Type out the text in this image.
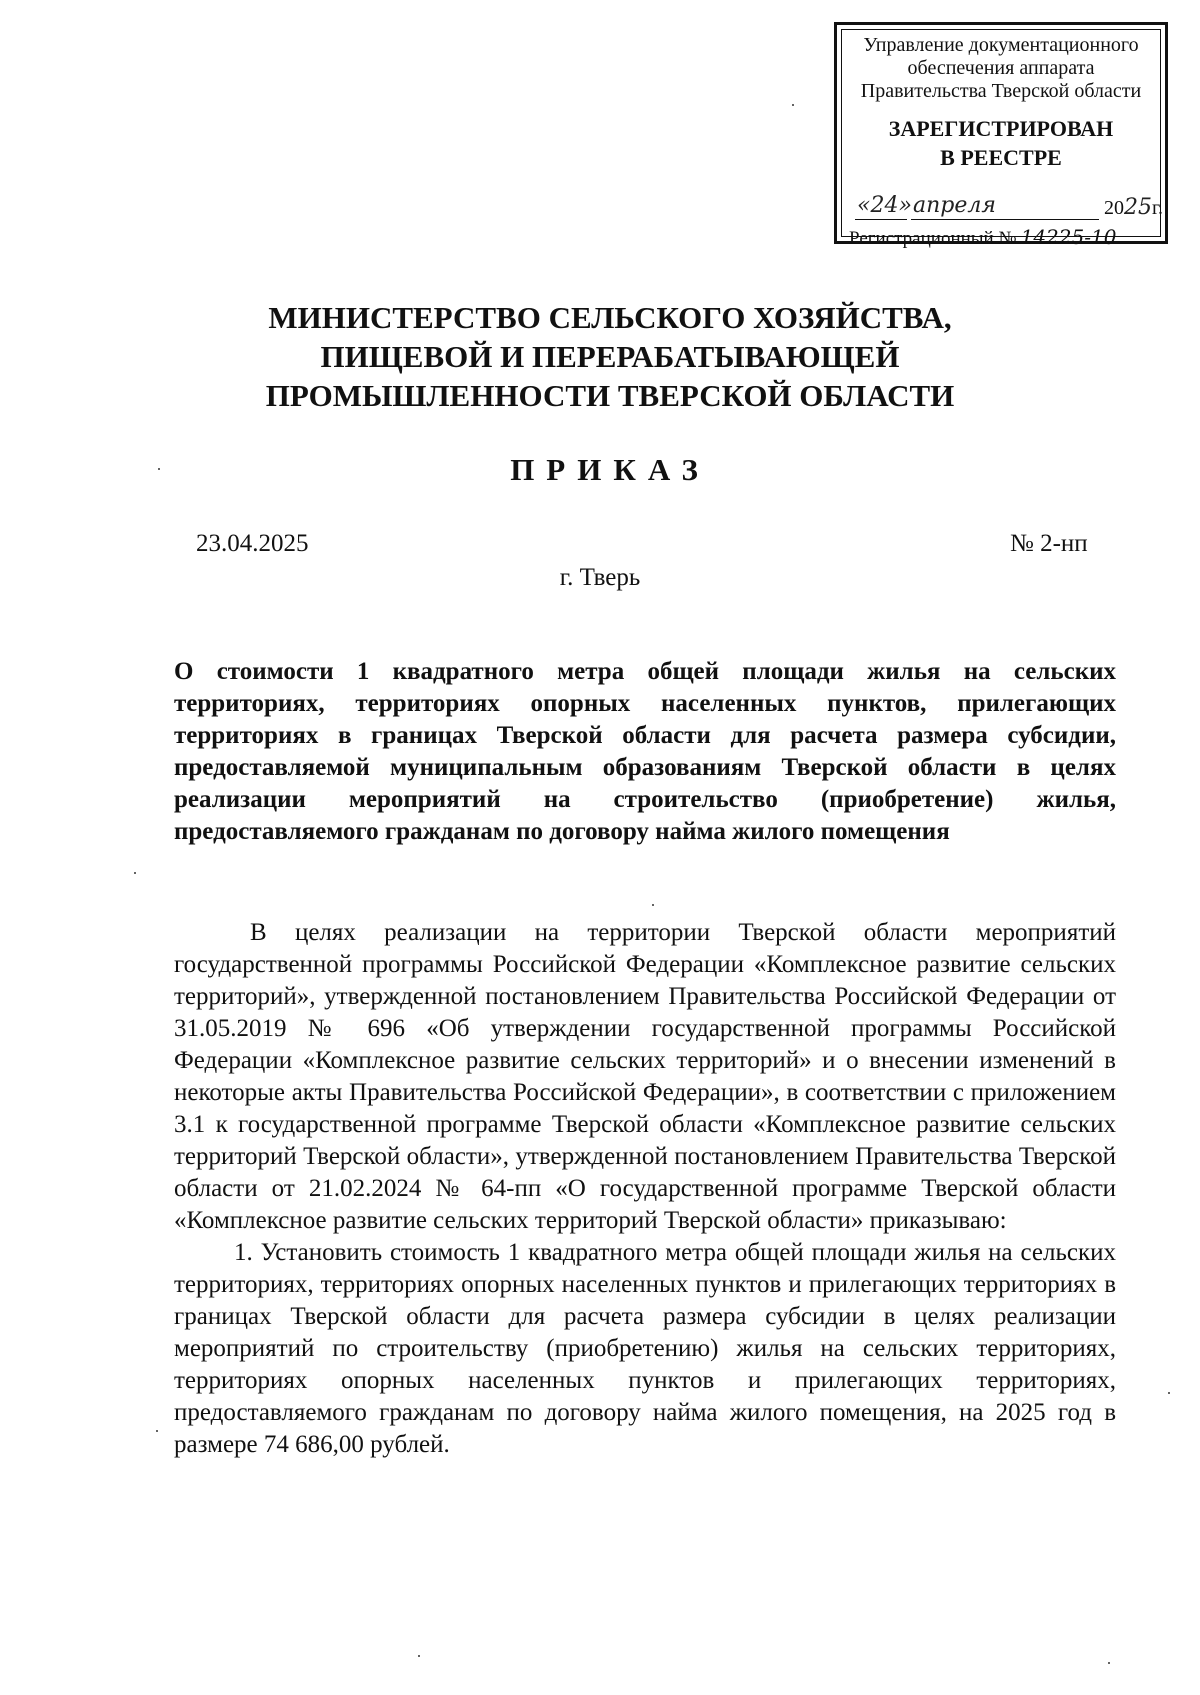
Управление документационного
обеспечения аппарата
Правительства Тверской области
ЗАРЕГИСТРИРОВАН
В РЕЕСТРЕ
«24» апреля	2025г.
Регистрационный № 14225-10
МИНИСТЕРСТВО СЕЛЬСКОГО ХОЗЯЙСТВА,
ПИЩЕВОЙ И ПЕРЕРАБАТЫВАЮЩЕЙ
ПРОМЫШЛЕННОСТИ ТВЕРСКОЙ ОБЛАСТИ
ПРИКАЗ
23.04.2025	№ 2-нп
г. Тверь
О стоимости 1 квадратного метра общей площади жилья на сельских территориях, территориях опорных населенных пунктов, прилегающих территориях в границах Тверской области для расчета размера субсидии, предоставляемой муниципальным образованиям Тверской области в целях реализации мероприятий на строительство (приобретение) жилья, предоставляемого гражданам по договору найма жилого помещения

В целях реализации на территории Тверской области мероприятий государственной программы Российской Федерации «Комплексное развитие сельских территорий», утвержденной постановлением Правительства Российской Федерации от 31.05.2019 № 696 «Об утверждении государственной программы Российской Федерации «Комплексное развитие сельских территорий» и о внесении изменений в некоторые акты Правительства Российской Федерации», в соответствии с приложением 3.1 к государственной программе Тверской области «Комплексное развитие сельских территорий Тверской области», утвержденной постановлением Правительства Тверской области от 21.02.2024 № 64-пп «О государственной программе Тверской области «Комплексное развитие сельских территорий Тверской области» приказываю:

1. Установить стоимость 1 квадратного метра общей площади жилья на сельских территориях, территориях опорных населенных пунктов и прилегающих территориях в границах Тверской области для расчета размера субсидии в целях реализации мероприятий по строительству (приобретению) жилья на сельских территориях, территориях опорных населенных пунктов и прилегающих территориях, предоставляемого гражданам по договору найма жилого помещения, на 2025 год в размере 74 686,00 рублей.
